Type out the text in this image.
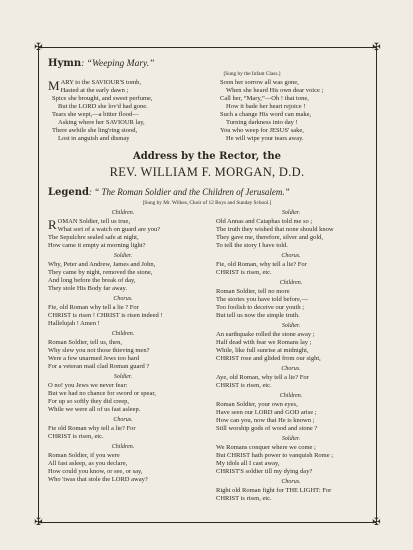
✠	✠
✠	✠
Hymn: “Weeping Mary.”
[Sung by the Infant Class.]
MARY to the SAVIOUR'S tomb,
Hasted at the early dawn ;
Spice she brought, and sweet perfume,
But the LORD she lov'd had gone.
Tears she wept,—a bitter flood—
Asking where her SAVIOUR lay,
There awhile she ling'ring stood,
Lost in anguish and dismay
Soon her sorrow all was gone,
When she heard His own dear voice ;
Call her, “Mary,”—Oh ! that tone,
How it bade her heart rejoice !
Such a change His word can make,
Turning darkness into day !
You who weep for JESUS' sake,
He will wipe your tears away.
Address by the Rector, the
REV. WILLIAM F. MORGAN, D.D.
Legend: “ The Roman Soldier and the Children of Jerusalem.”
[Sung by Mr. Wilkes, Choir of 12 Boys and Sunday School.]
Children.
ROMAN Soldier, tell us true,
What sort of a watch on guard are you?
The Sepulchre sealed safe at night,
How came it empty at morning light?
Soldier.
Why, Peter and Andrew, James and John,
They came by night, removed the stone,
And long before the break of day,
They stole His Body far away.
Chorus.
Fie, old Roman why tell a lie ? For
CHRIST is risen ! CHRIST is risen indeed !
Hallelujah ! Amen !
Children.
Roman Soldier, tell us, then,
Why slew you not those thieving men?
Were a few unarmed Jews too hard
For a veteran mail clad Roman guard ?
Soldier.
O no! you Jews we never fear:
But we had no chance for sword or spear,
For up so softly they did creep,
While we were all of us fast asleep.
Chorus.
Fie old Roman why tell a lie? For
CHRIST is risen, etc.
Children.
Roman Soldier, if you were
All fast asleep, as you declare,
How could you know, or see, or say,
Who 'twas that stole the LORD away?
Soldier.
Old Annas and Caiaphas told me so ;
The truth they wished that none should know
They gave me, therefore, silver and gold,
To tell the story I have told.
Chorus.
Fie, old Roman, why tell a lie? For
CHRIST is risen, etc.
Children.
Roman Soldier, tell no more
The stories you have told before,—
Too foolish to deceive our youth ;
But tell us now the simple truth.
Soldier.
An earthquake rolled the stone away ;
Half dead with fear we Romans lay ;
While, like full sunrise at midnight,
CHRIST rose and glided from our sight,
Chorus.
Aye, old Roman, why tell a lie? For
CHRIST is risen, etc.
Children.
Roman Soldier, your own eyes,
Have seen our LORD and GOD arise ;
How can you, now that He is known ;
Still worship gods of wood and stone ?
Soldier.
We Romans conquer where we come ;
But CHRIST hath power to vanquish Rome ;
My idols all I cast away,
CHRIST'S soldier till my dying day?
Chorus.
Right old Roman fight for THE LIGHT: For
CHRIST is risen, etc.
